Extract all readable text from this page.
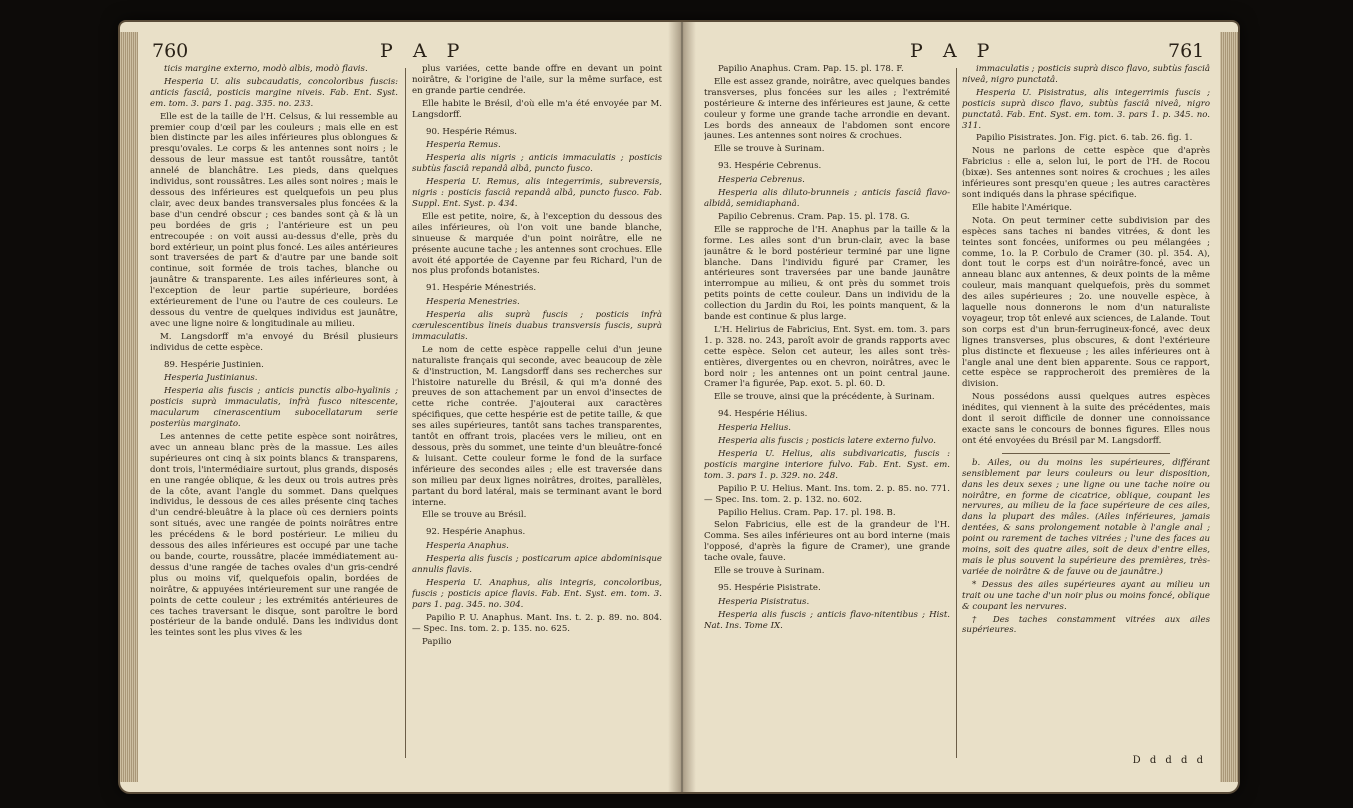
760	P A P

ticis margine externo, modò albis, modò flavis.

Hesperia U. alis subcaudatis, concoloribus fuscis: anticis fasciâ, posticis margine niveis. Fab. Ent. Syst. em. tom. 3. pars 1. pag. 335. no. 233.

Elle est de la taille de l'H. Celsus, & lui ressemble au premier coup d'œil par les couleurs ; mais elle en est bien distincte par les ailes inférieures plus oblongues & presqu'ovales. Le corps & les antennes sont noirs ; le dessous de leur massue est tantôt roussâtre, tantôt annelé de blanchâtre. Les pieds, dans quelques individus, sont roussâtres. Les ailes sont noires ; mais le dessous des inférieures est quelquefois un peu plus clair, avec deux bandes transversales plus foncées & la base d'un cendré obscur ; ces bandes sont çà & là un peu bordées de gris ; l'antérieure est un peu entrecoupée : on voit aussi au-dessus d'elle, près du bord extérieur, un point plus foncé. Les ailes antérieures sont traversées de part & d'autre par une bande soit continue, soit formée de trois taches, blanche ou jaunâtre & transparente. Les ailes inférieures sont, à l'exception de leur partie supérieure, bordées extérieurement de l'une ou l'autre de ces couleurs. Le dessous du ventre de quelques individus est jaunâtre, avec une ligne noire & longitudinale au milieu.

M. Langsdorff m'a envoyé du Brésil plusieurs individus de cette espèce.

89. Hespérie Justinien.

Hesperia Justinianus.

Hesperia alis fuscis ; anticis punctis albo-hyalinis ; posticis suprà immaculatis, infrà fusco nitescente, macularum cinerascentium subocellatarum serie posteriùs marginato.

Les antennes de cette petite espèce sont noirâtres, avec un anneau blanc près de la massue. Les ailes supérieures ont cinq à six points blancs & transparens, dont trois, l'intermédiaire surtout, plus grands, disposés en une rangée oblique, & les deux ou trois autres près de la côte, avant l'angle du sommet. Dans quelques individus, le dessous de ces ailes présente cinq taches d'un cendré-bleuâtre à la place où ces derniers points sont situés, avec une rangée de points noirâtres entre les précédens & le bord postérieur. Le milieu du dessous des ailes inférieures est occupé par une tache ou bande, courte, roussâtre, placée immédiatement au-dessus d'une rangée de taches ovales d'un gris-cendré plus ou moins vif, quelquefois opalin, bordées de noirâtre, & appuyées intérieurement sur une rangée de points de cette couleur ; les extrémités antérieures de ces taches traversant le disque, sont paroître le bord postérieur de la bande ondulé. Dans les individus dont les teintes sont les plus vives & les

plus variées, cette bande offre en devant un point noirâtre, & l'origine de l'aile, sur la même surface, est en grande partie cendrée.

Elle habite le Brésil, d'où elle m'a été envoyée par M. Langsdorff.

90. Hespérie Rémus.

Hesperia Remus.

Hesperia alis nigris ; anticis immaculatis ; posticis subtùs fasciâ repandâ albâ, puncto fusco.

Hesperia U. Remus, alis integerrimis, subreversis, nigris : posticis fasciâ repandâ albâ, puncto fusco. Fab. Suppl. Ent. Syst. p. 434.

Elle est petite, noire, &, à l'exception du dessous des ailes inférieures, où l'on voit une bande blanche, sinueuse & marquée d'un point noirâtre, elle ne présente aucune tache ; les antennes sont crochues. Elle avoit été apportée de Cayenne par feu Richard, l'un de nos plus profonds botanistes.

91. Hespérie Ménestriés.

Hesperia Menestries.

Hesperia alis suprà fuscis ; posticis infrà cærulescentibus lineis duabus transversis fuscis, suprà immaculatis.

Le nom de cette espèce rappelle celui d'un jeune naturaliste français qui seconde, avec beaucoup de zèle & d'instruction, M. Langsdorff dans ses recherches sur l'histoire naturelle du Brésil, & qui m'a donné des preuves de son attachement par un envoi d'insectes de cette riche contrée. J'ajouterai aux caractères spécifiques, que cette hespérie est de petite taille, & que ses ailes supérieures, tantôt sans taches transparentes, tantôt en offrant trois, placées vers le milieu, ont en dessous, près du sommet, une teinte d'un bleuâtre-foncé & luisant. Cette couleur forme le fond de la surface inférieure des secondes ailes ; elle est traversée dans son milieu par deux lignes noirâtres, droites, parallèles, partant du bord latéral, mais se terminant avant le bord interne.

Elle se trouve au Brésil.

92. Hespérie Anaphus.

Hesperia Anaphus.

Hesperia alis fuscis ; posticarum apice abdominisque annulis flavis.

Hesperia U. Anaphus, alis integris, concoloribus, fuscis ; posticis apice flavis. Fab. Ent. Syst. em. tom. 3. pars 1. pag. 345. no. 304.

Papilio P. U. Anaphus. Mant. Ins. t. 2. p. 89. no. 804. — Spec. Ins. tom. 2. p. 135. no. 625.

Papilio

P A P	761

Papilio Anaphus. Cram. Pap. 15. pl. 178. F.

Elle est assez grande, noirâtre, avec quelques bandes transverses, plus foncées sur les ailes ; l'extrémité postérieure & interne des inférieures est jaune, & cette couleur y forme une grande tache arrondie en devant. Les bords des anneaux de l'abdomen sont encore jaunes. Les antennes sont noires & crochues.

Elle se trouve à Surinam.

93. Hespérie Cebrenus.

Hesperia Cebrenus.

Hesperia alis diluto-brunneis ; anticis fasciâ flavo-albidâ, semidiaphanâ.

Papilio Cebrenus. Cram. Pap. 15. pl. 178. G.

Elle se rapproche de l'H. Anaphus par la taille & la forme. Les ailes sont d'un brun-clair, avec la base jaunâtre & le bord postérieur terminé par une ligne blanche. Dans l'individu figuré par Cramer, les antérieures sont traversées par une bande jaunâtre interrompue au milieu, & ont près du sommet trois petits points de cette couleur. Dans un individu de la collection du Jardin du Roi, les points manquent, & la bande est continue & plus large.

L'H. Helirius de Fabricius, Ent. Syst. em. tom. 3. pars 1. p. 328. no. 243, paroît avoir de grands rapports avec cette espèce. Selon cet auteur, les ailes sont très-entières, divergentes ou en chevron, noirâtres, avec le bord noir ; les antennes ont un point central jaune. Cramer l'a figurée, Pap. exot. 5. pl. 60. D.

Elle se trouve, ainsi que la précédente, à Surinam.

94. Hespérie Hélius.

Hesperia Helius.

Hesperia alis fuscis ; posticis latere externo fulvo.

Hesperia U. Helius, alis subdivaricatis, fuscis : posticis margine interiore fulvo. Fab. Ent. Syst. em. tom. 3. pars 1. p. 329. no. 248.

Papilio P. U. Helius. Mant. Ins. tom. 2. p. 85. no. 771. — Spec. Ins. tom. 2. p. 132. no. 602.

Papilio Helius. Cram. Pap. 17. pl. 198. B.

Selon Fabricius, elle est de la grandeur de l'H. Comma. Ses ailes inférieures ont au bord interne (mais l'opposé, d'après la figure de Cramer), une grande tache ovale, fauve.

Elle se trouve à Surinam.

95. Hespérie Pisistrate.

Hesperia Pisistratus.

Hesperia alis fuscis ; anticis flavo-nitentibus ; Hist. Nat. Ins. Tome IX.

immaculatis ; posticis suprà disco flavo, subtùs fasciâ niveâ, nigro punctatâ.

Hesperia U. Pisistratus, alis integerrimis fuscis ; posticis suprà disco flavo, subtùs fasciâ niveâ, nigro punctatâ. Fab. Ent. Syst. em. tom. 3. pars 1. p. 345. no. 311.

Papilio Pisistrates. Jon. Fig. pict. 6. tab. 26. fig. 1.

Nous ne parlons de cette espèce que d'après Fabricius : elle a, selon lui, le port de l'H. de Rocou (bixæ). Ses antennes sont noires & crochues ; les ailes inférieures sont presqu'en queue ; les autres caractères sont indiqués dans la phrase spécifique.

Elle habite l'Amérique.

Nota. On peut terminer cette subdivision par des espèces sans taches ni bandes vitrées, & dont les teintes sont foncées, uniformes ou peu mélangées ; comme, 1o. la P. Corbulo de Cramer (30. pl. 354. A), dont tout le corps est d'un noirâtre-foncé, avec un anneau blanc aux antennes, & deux points de la même couleur, mais manquant quelquefois, près du sommet des ailes supérieures ; 2o. une nouvelle espèce, à laquelle nous donnerons le nom d'un naturaliste voyageur, trop tôt enlevé aux sciences, de Lalande. Tout son corps est d'un brun-ferrugineux-foncé, avec deux lignes transverses, plus obscures, & dont l'extérieure plus distincte et flexueuse ; les ailes inférieures ont à l'angle anal une dent bien apparente. Sous ce rapport, cette espèce se rapprocheroit des premières de la division.

Nous possédons aussi quelques autres espèces inédites, qui viennent à la suite des précédentes, mais dont il seroit difficile de donner une connoissance exacte sans le concours de bonnes figures. Elles nous ont été envoyées du Brésil par M. Langsdorff.

b. Ailes, ou du moins les supérieures, différant sensiblement par leurs couleurs ou leur disposition, dans les deux sexes ; une ligne ou une tache noire ou noirâtre, en forme de cicatrice, oblique, coupant les nervures, au milieu de la face supérieure de ces ailes, dans la plupart des mâles. (Ailes inférieures, jamais dentées, & sans prolongement notable à l'angle anal ; point ou rarement de taches vitrées ; l'une des faces au moins, soit des quatre ailes, soit de deux d'entre elles, mais le plus souvent la supérieure des premières, très-variée de noirâtre & de fauve ou de jaunâtre.)

* Dessus des ailes supérieures ayant au milieu un trait ou une tache d'un noir plus ou moins foncé, oblique & coupant les nervures.

† Des taches constamment vitrées aux ailes supérieures.

D d d d d
